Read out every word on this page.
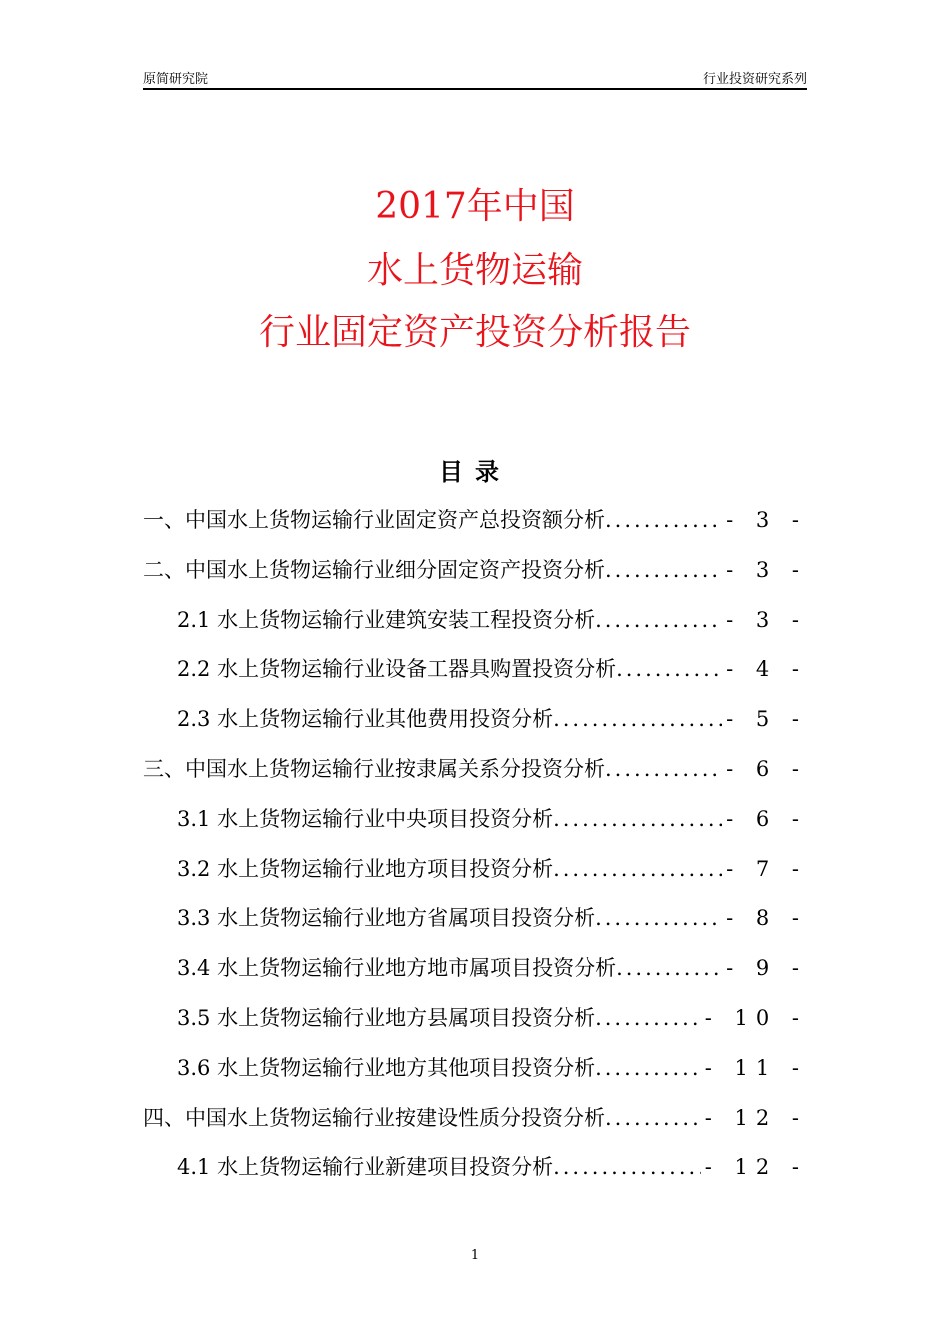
原简研究院	行业投资研究系列
2017年中国
水上货物运输
行业固定资产投资分析报告
目录
一、中国水上货物运输行业固定资产总投资额分析 .....	- 3 -
二、中国水上货物运输行业细分固定资产投资分析 .....	- 3 -
2.1 水上货物运输行业建筑安装工程投资分析 .....	- 3 -
2.2 水上货物运输行业设备工器具购置投资分析 .....	- 4 -
2.3 水上货物运输行业其他费用投资分析 .....	- 5 -
三、中国水上货物运输行业按隶属关系分投资分析 .....	- 6 -
3.1 水上货物运输行业中央项目投资分析 .....	- 6 -
3.2 水上货物运输行业地方项目投资分析 .....	- 7 -
3.3 水上货物运输行业地方省属项目投资分析 .....	- 8 -
3.4 水上货物运输行业地方地市属项目投资分析 .....	- 9 -
3.5 水上货物运输行业地方县属项目投资分析 .....	- 10 -
3.6 水上货物运输行业地方其他项目投资分析 .....	- 11 -
四、中国水上货物运输行业按建设性质分投资分析 .....	- 12 -
4.1 水上货物运输行业新建项目投资分析 .....	- 12 -
1
